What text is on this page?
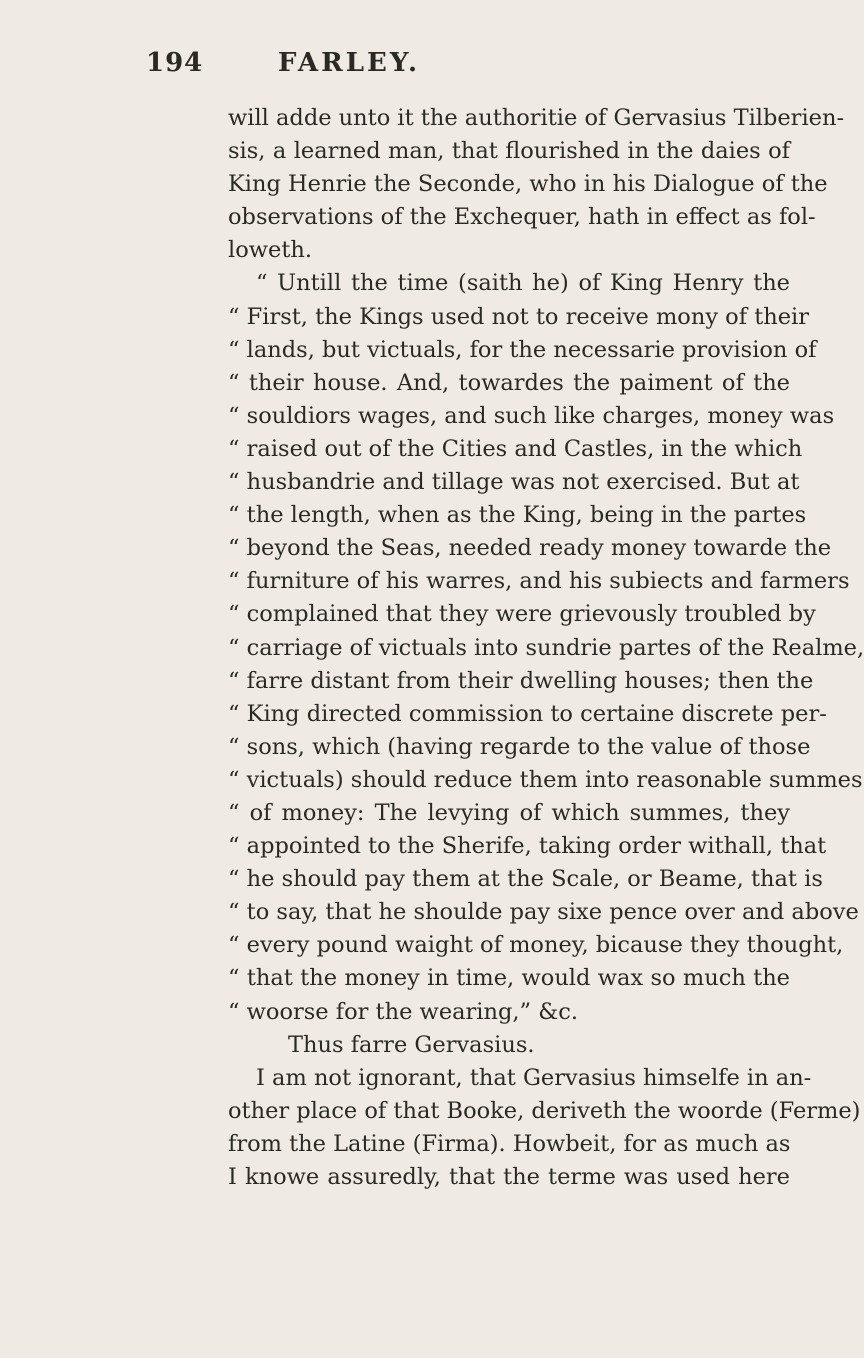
194	FARLEY.
will adde unto it the authoritie of Gervasius Tilberien-
sis, a learned man, that flourished in the daies of
King Henrie the Seconde, who in his Dialogue of the
observations of the Exchequer, hath in effect as fol-
loweth.
“ Untill the time (saith he) of King Henry the
“ First, the Kings used not to receive mony of their
“ lands, but victuals, for the necessarie provision of
“ their house. And, towardes the paiment of the
“ souldiors wages, and such like charges, money was
“ raised out of the Cities and Castles, in the which
“ husbandrie and tillage was not exercised. But at
“ the length, when as the King, being in the partes
“ beyond the Seas, needed ready money towarde the
“ furniture of his warres, and his subiects and farmers
“ complained that they were grievously troubled by
“ carriage of victuals into sundrie partes of the Realme,
“ farre distant from their dwelling houses; then the
“ King directed commission to certaine discrete per-
“ sons, which (having regarde to the value of those
“ victuals) should reduce them into reasonable summes
“ of money: The levying of which summes, they
“ appointed to the Sherife, taking order withall, that
“ he should pay them at the Scale, or Beame, that is
“ to say, that he shoulde pay sixe pence over and above
“ every pound waight of money, bicause they thought,
“ that the money in time, would wax so much the
“ woorse for the wearing,” &c.
Thus farre Gervasius.
I am not ignorant, that Gervasius himselfe in an-
other place of that Booke, deriveth the woorde (Ferme)
from the Latine (Firma). Howbeit, for as much as
I knowe assuredly, that the terme was used here
